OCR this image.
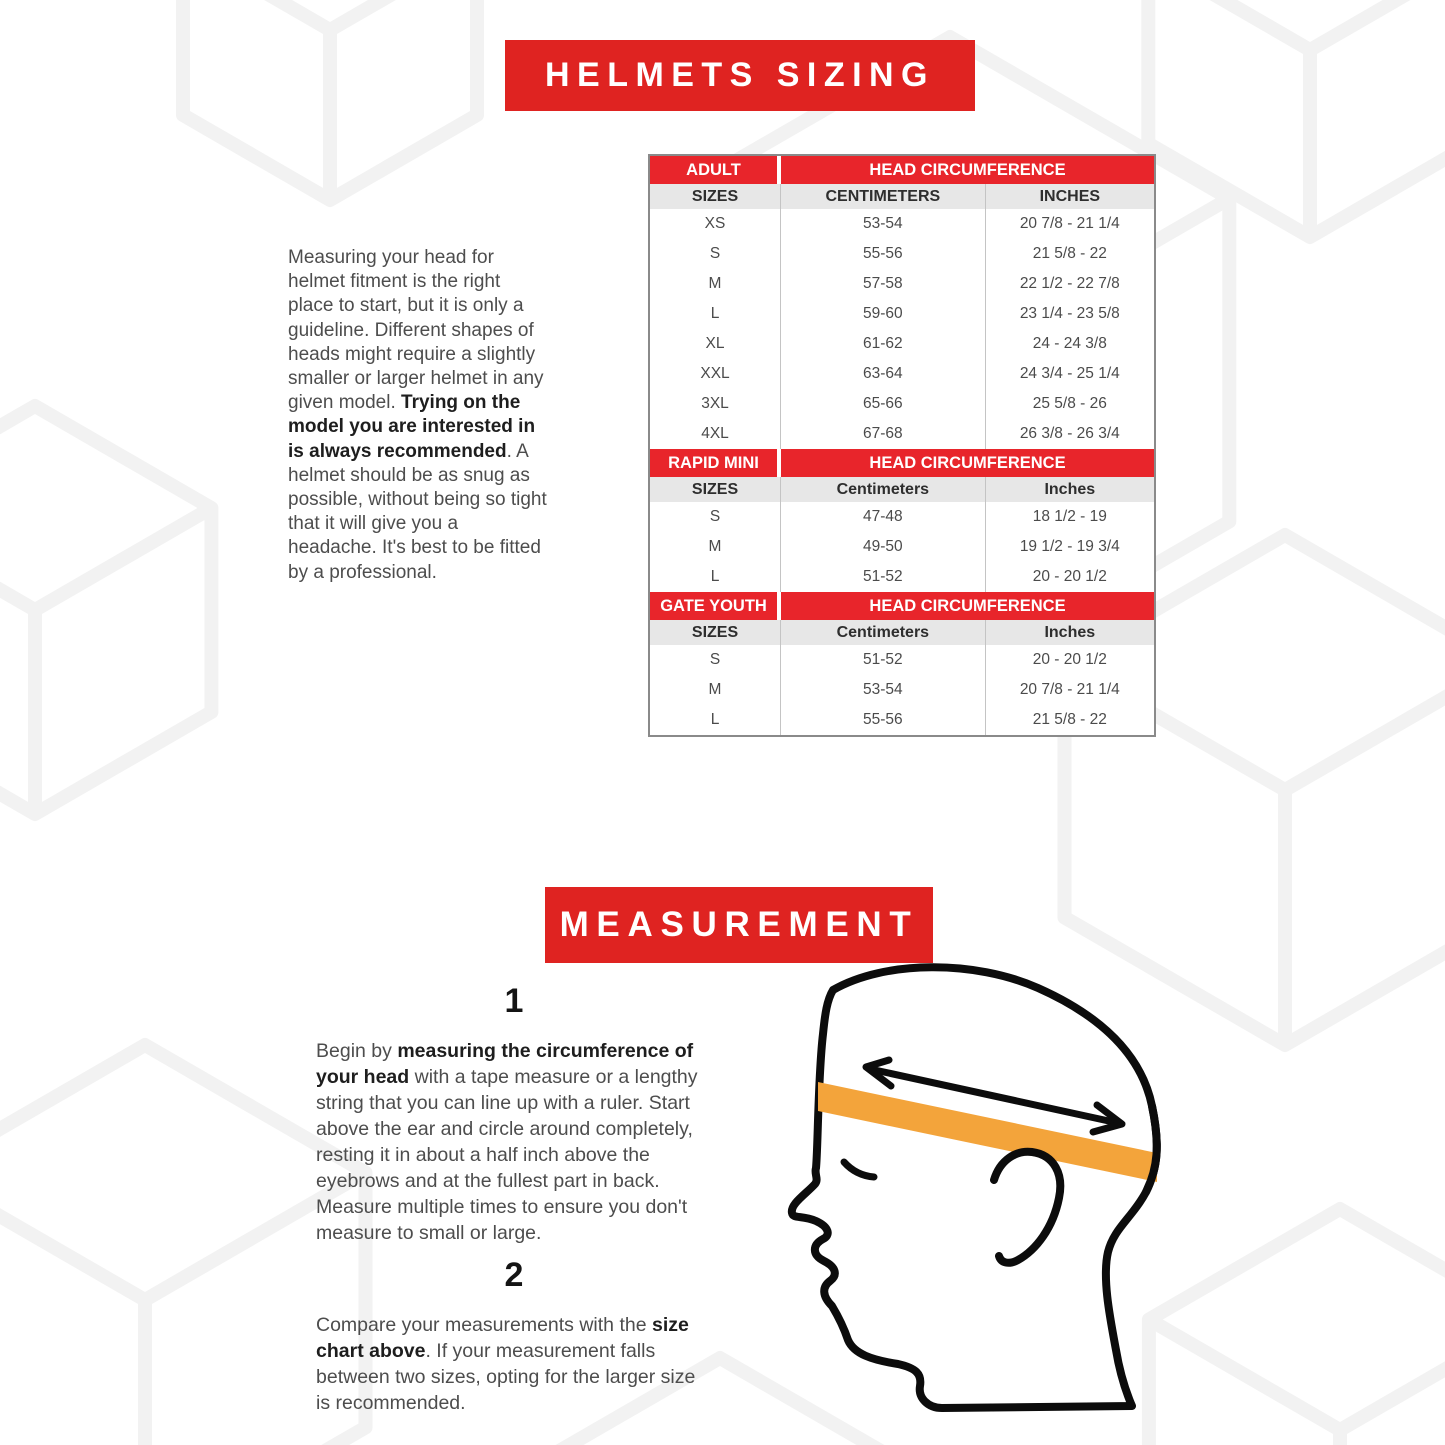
HELMETS SIZING

Measuring your head for helmet fitment is the right place to start, but it is only a guideline. Different shapes of heads might require a slightly smaller or larger helmet in any given model. Trying on the model you are interested in is always recommended. A helmet should be as snug as possible, without being so tight that it will give you a headache. It's best to be fitted by a professional.

ADULT	HEAD CIRCUMFERENCE
SIZES	CENTIMETERS	INCHES
XS	53-54	20 7/8 - 21 1/4
S	55-56	21 5/8 - 22
M	57-58	22 1/2 - 22 7/8
L	59-60	23 1/4 - 23 5/8
XL	61-62	24 - 24 3/8
XXL	63-64	24 3/4 - 25 1/4
3XL	65-66	25 5/8 - 26
4XL	67-68	26 3/8 - 26 3/4
RAPID MINI	HEAD CIRCUMFERENCE
SIZES	Centimeters	Inches
S	47-48	18 1/2 - 19
M	49-50	19 1/2 - 19 3/4
L	51-52	20 - 20 1/2
GATE YOUTH	HEAD CIRCUMFERENCE
SIZES	Centimeters	Inches
S	51-52	20 - 20 1/2
M	53-54	20 7/8 - 21 1/4
L	55-56	21 5/8 - 22
MEASUREMENT

1

Begin by measuring the circumference of your head with a tape measure or a lengthy string that you can line up with a ruler. Start above the ear and circle around completely, resting it in about a half inch above the eyebrows and at the fullest part in back. Measure multiple times to ensure you don't measure to small or large.

2

Compare your measurements with the size chart above. If your measurement falls between two sizes, opting for the larger size is recommended.
